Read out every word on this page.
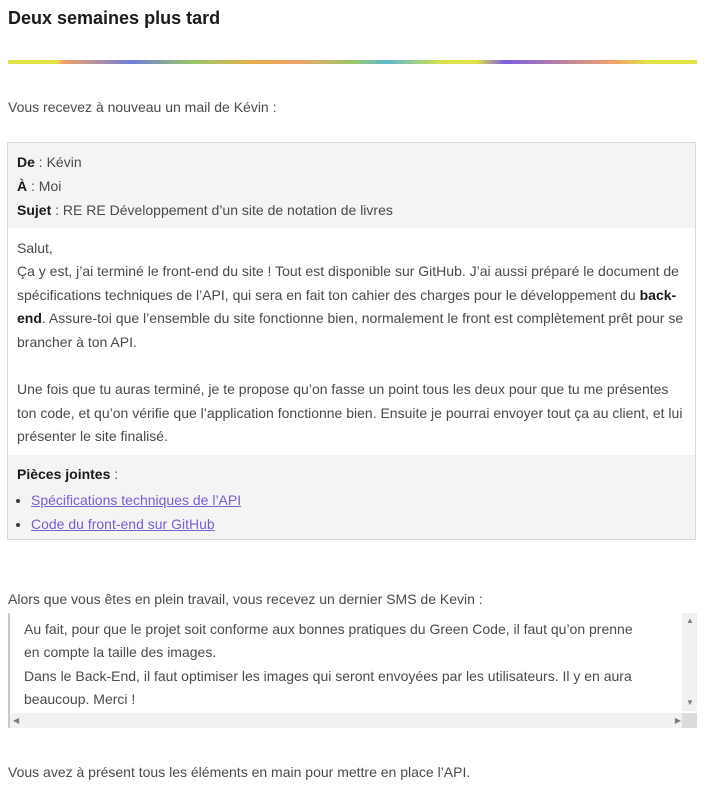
Deux semaines plus tard
Vous recevez à nouveau un mail de Kévin :
De : Kévin
À : Moi
Sujet : RE RE Développement d’un site de notation de livres
Salut,
Ça y est, j’ai terminé le front-end du site ! Tout est disponible sur GitHub. J’ai aussi préparé le document de spécifications techniques de l’API, qui sera en fait ton cahier des charges pour le développement du back-end. Assure-toi que l’ensemble du site fonctionne bien, normalement le front est complètement prêt pour se brancher à ton API.
Une fois que tu auras terminé, je te propose qu’on fasse un point tous les deux pour que tu me présentes ton code, et qu’on vérifie que l’application fonctionne bien. Ensuite je pourrai envoyer tout ça au client, et lui présenter le site finalisé.
Pièces jointes :
• Spécifications techniques de l’API
• Code du front-end sur GitHub
Alors que vous êtes en plein travail, vous recevez un dernier SMS de Kevin :
Au fait, pour que le projet soit conforme aux bonnes pratiques du Green Code, il faut qu’on prenne
en compte la taille des images.
Dans le Back-End, il faut optimiser les images qui seront envoyées par les utilisateurs. Il y en aura
beaucoup. Merci !
▲
▼
◀	▶
Vous avez à présent tous les éléments en main pour mettre en place l’API.
